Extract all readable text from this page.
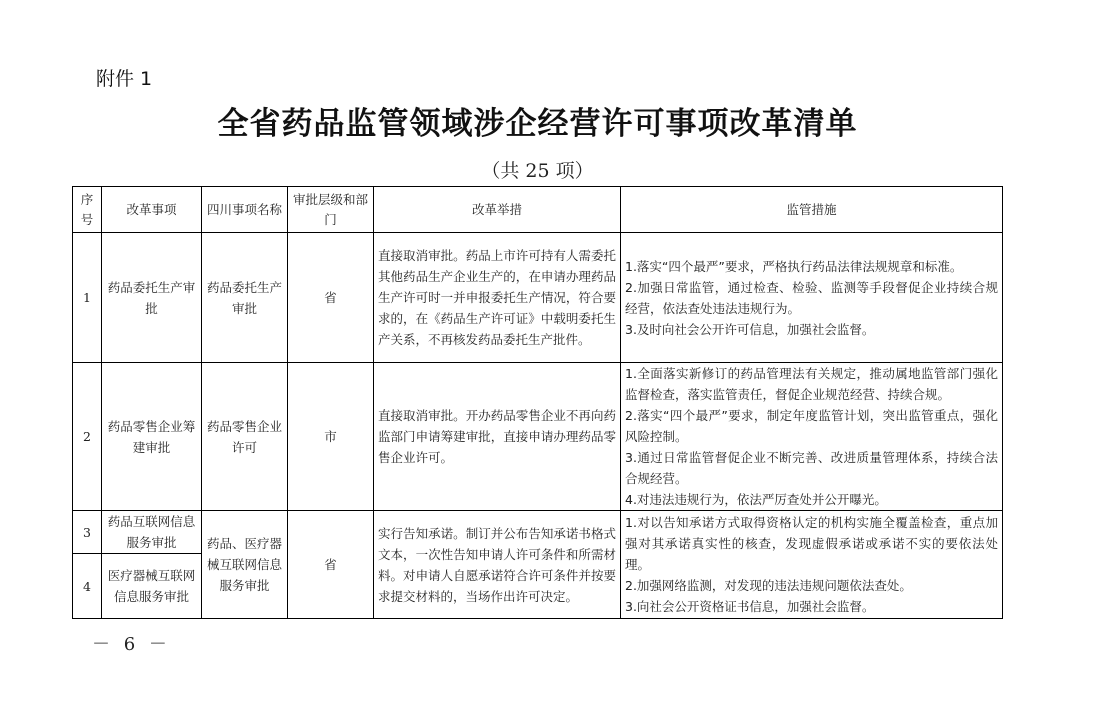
附件 1
全省药品监管领域涉企经营许可事项改革清单
（共 25 项）
序号	改革事项	四川事项名称	审批层级和部门	改革举措	监管措施
1	药品委托生产审批	药品委托生产审批	省	直接取消审批。药品上市许可持有人需委托其他药品生产企业生产的，在申请办理药品生产许可时一并申报委托生产情况，符合要求的，在《药品生产许可证》中载明委托生产关系，不再核发药品委托生产批件。	1.落实“四个最严”要求，严格执行药品法律法规规章和标准。
2.加强日常监管，通过检查、检验、监测等手段督促企业持续合规经营，依法查处违法违规行为。
3.及时向社会公开许可信息，加强社会监督。

2	药品零售企业筹建审批	药品零售企业许可	市	直接取消审批。开办药品零售企业不再向药监部门申请筹建审批，直接申请办理药品零售企业许可。	1.全面落实新修订的药品管理法有关规定，推动属地监管部门强化监督检查，落实监管责任，督促企业规范经营、持续合规。
2.落实“四个最严”要求，制定年度监管计划，突出监管重点，强化风险控制。
3.通过日常监管督促企业不断完善、改进质量管理体系，持续合法合规经营。
4.对违法违规行为，依法严厉查处并公开曝光。

3	药品互联网信息服务审批	药品、医疗器械互联网信息服务审批	省	实行告知承诺。制订并公布告知承诺书格式文本，一次性告知申请人许可条件和所需材料。对申请人自愿承诺符合许可条件并按要求提交材料的，当场作出许可决定。	1.对以告知承诺方式取得资格认定的机构实施全覆盖检查，重点加强对其承诺真实性的核查，发现虚假承诺或承诺不实的要依法处理。
2.加强网络监测，对发现的违法违规问题依法查处。
3.向社会公开资格证书信息，加强社会监督。

4	医疗器械互联网信息服务审批				
－ 6 －
